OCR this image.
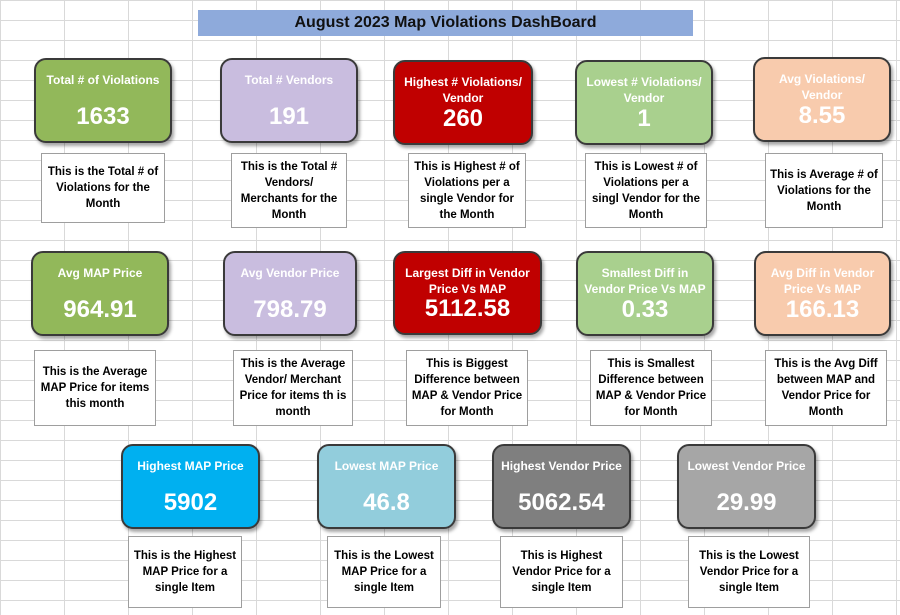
August 2023 Map Violations DashBoard
Total # of Violations
1633
This is the Total # of Violations for the Month
Total # Vendors
191
This is the Total # Vendors/ Merchants for the Month
Highest # Violations/ Vendor
260
This is Highest # of Violations per a single Vendor for the Month
Lowest # Violations/ Vendor
1
This is Lowest # of Violations per a singl Vendor for the Month
Avg Violations/ Vendor
8.55
This is Average # of Violations for the Month
Avg MAP Price
964.91
This is the Average MAP Price for items this month
Avg Vendor Price
798.79
This is the Average Vendor/ Merchant Price for items th is month
Largest Diff in Vendor Price Vs MAP
5112.58
This is Biggest Difference between MAP & Vendor Price for Month
Smallest Diff in Vendor Price Vs MAP
0.33
This is Smallest Difference between MAP & Vendor Price for Month
Avg Diff in Vendor Price Vs MAP
166.13
This is the Avg Diff between MAP and Vendor Price for Month
Highest MAP Price
5902
This is the Highest MAP Price for a single Item
Lowest MAP Price
46.8
This is the Lowest MAP Price for a single Item
Highest Vendor Price
5062.54
This is Highest Vendor Price for a single Item
Lowest Vendor Price
29.99
This is the Lowest Vendor Price for a single Item
